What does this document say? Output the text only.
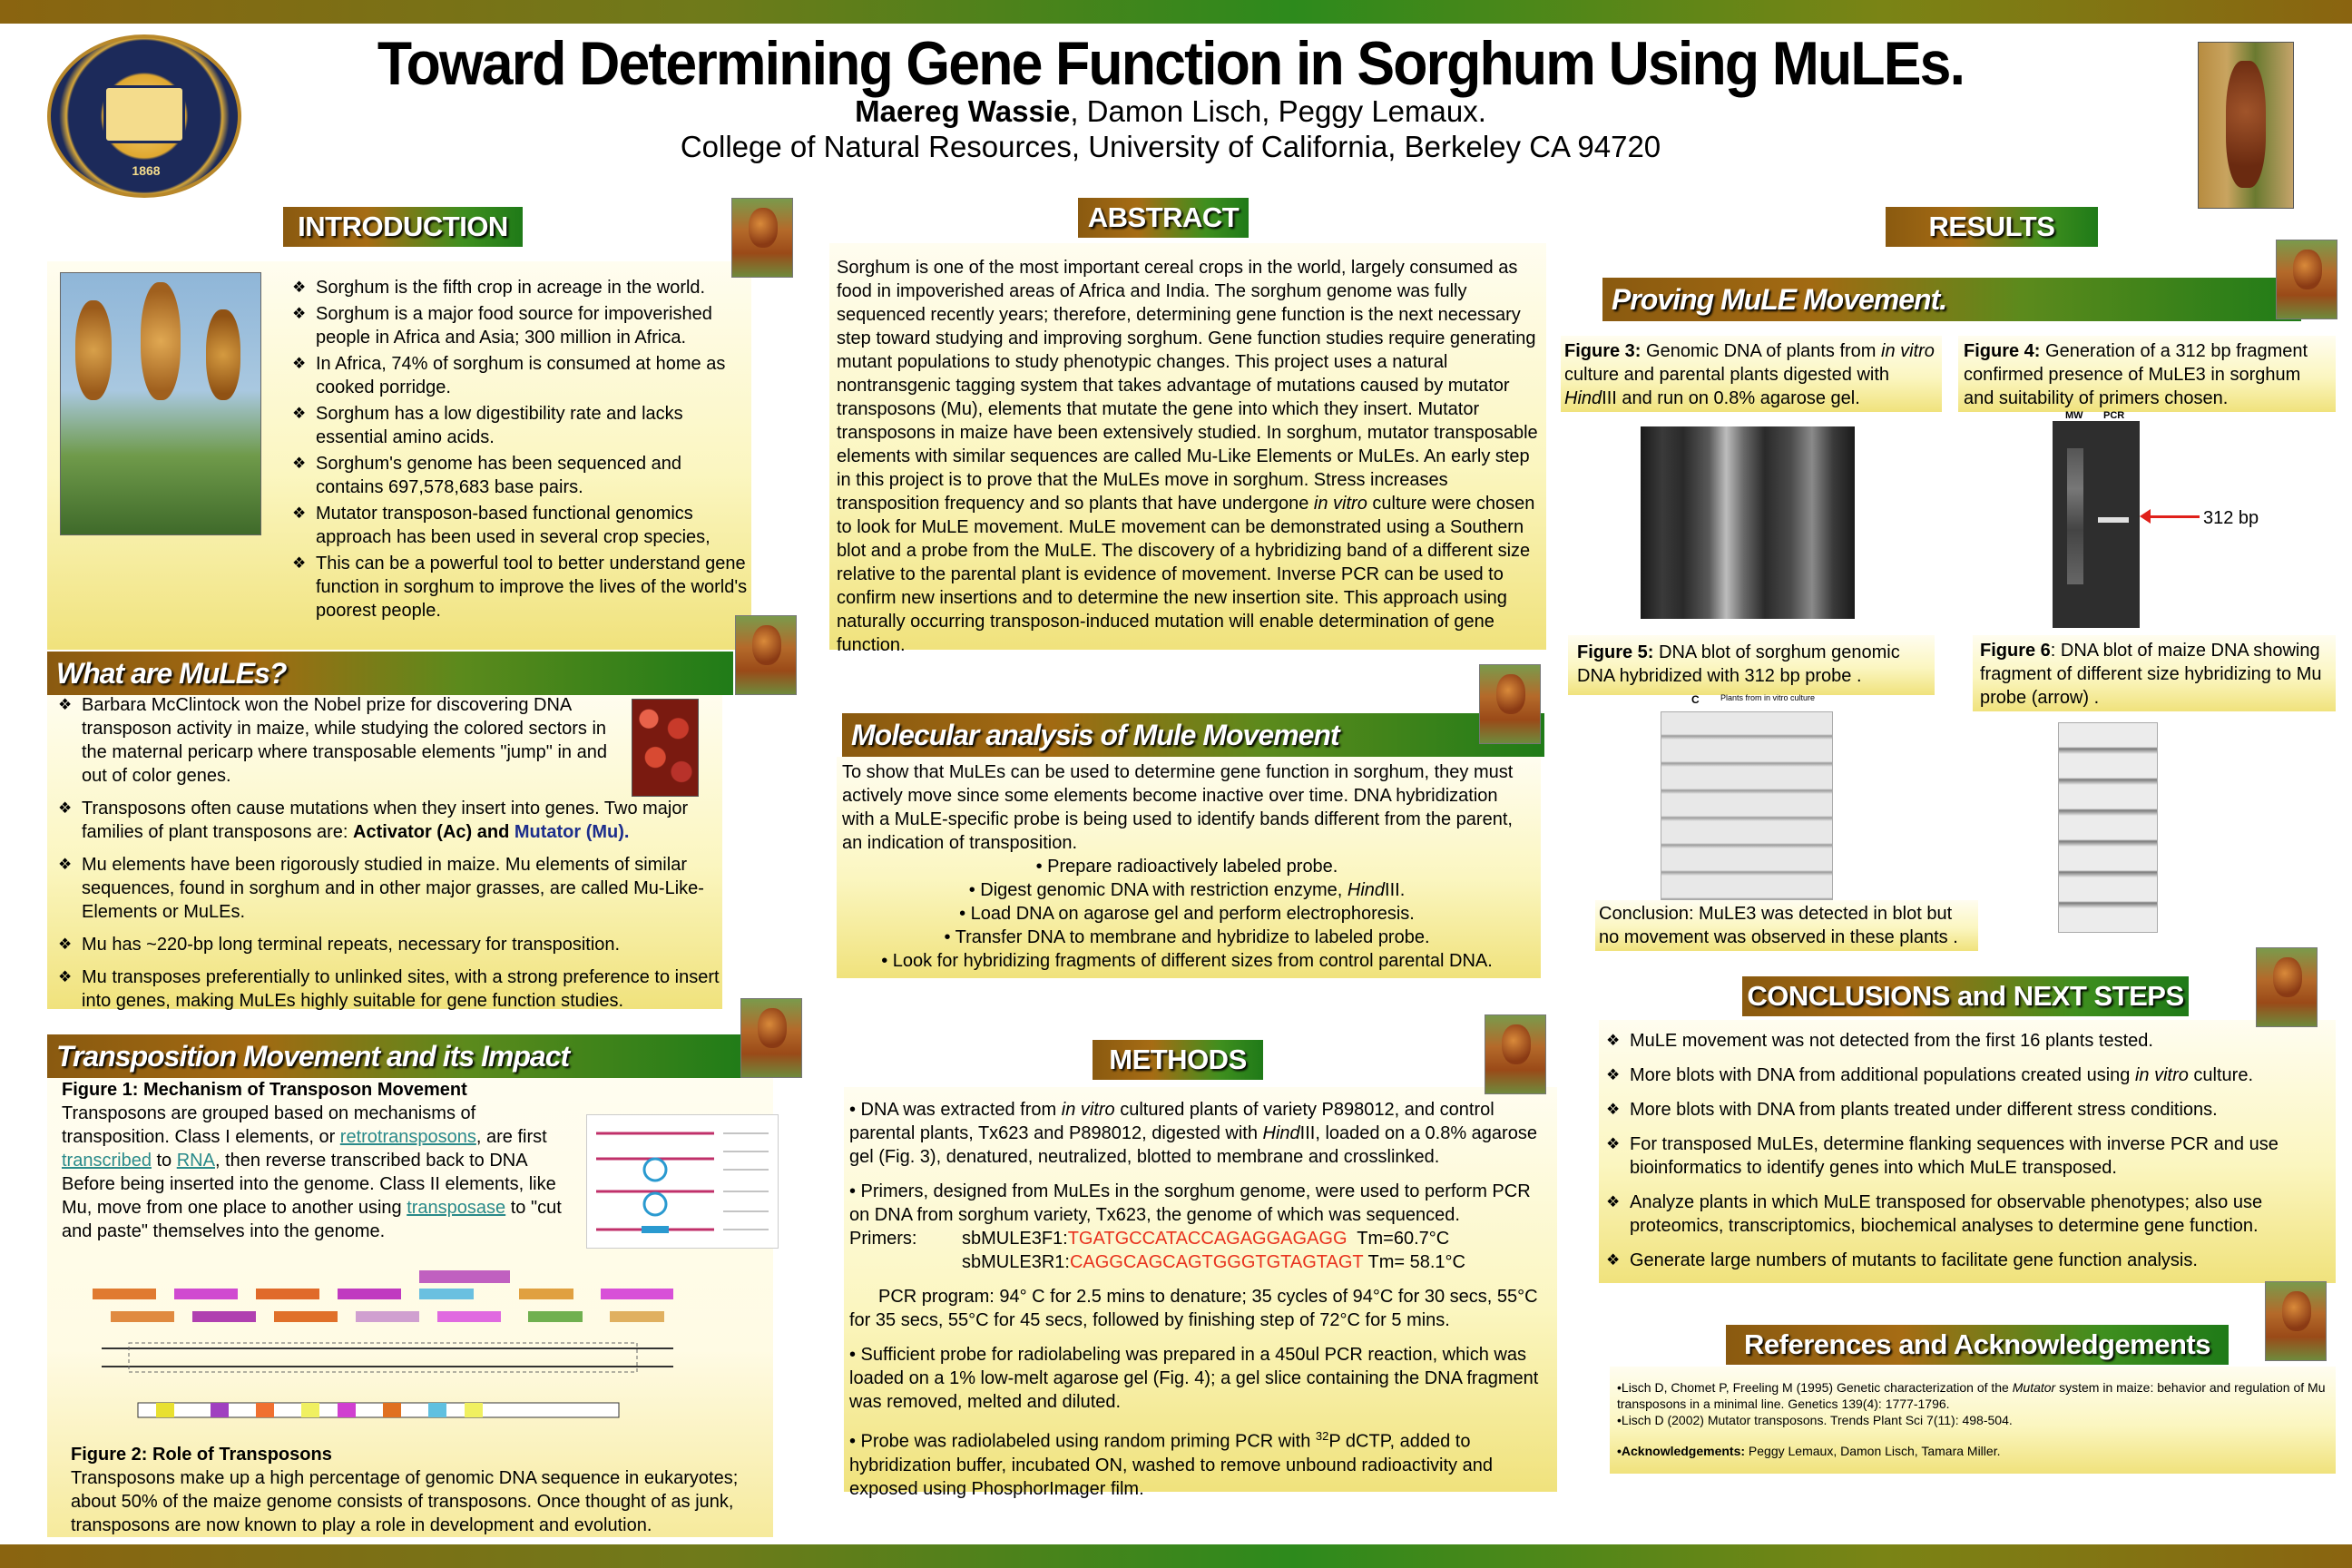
1868
Toward Determining Gene Function in Sorghum Using MuLEs.
Maereg Wassie, Damon Lisch, Peggy Lemaux.
College of Natural Resources, University of California, Berkeley CA 94720
INTRODUCTION
❖ Sorghum is the fifth crop in acreage in the world.
❖ Sorghum is a major food source for impoverished people in Africa and Asia; 300 million in Africa.
❖ In Africa, 74% of sorghum is consumed at home as cooked porridge.
❖ Sorghum has a low digestibility rate and lacks essential amino acids.
❖ Sorghum's genome has been sequenced and contains 697,578,683 base pairs.
❖ Mutator transposon-based functional genomics approach has been used in several crop species,
❖ This can be a powerful tool to better understand gene function in sorghum to improve the lives of the world's poorest people.
What are MuLEs?
❖ Barbara McClintock won the Nobel prize for discovering DNA transposon activity in maize, while studying the colored sectors in the maternal pericarp where transposable elements "jump" in and out of color genes.
❖ Transposons often cause mutations when they insert into genes. Two major families of plant transposons are: Activator (Ac) and Mutator (Mu).
❖ Mu elements have been rigorously studied in maize. Mu elements of similar sequences, found in sorghum and in other major grasses, are called Mu-Like-Elements or MuLEs.
❖ Mu has ~220-bp long terminal repeats, necessary for transposition.
❖ Mu transposes preferentially to unlinked sites, with a strong preference to insert into genes, making MuLEs highly suitable for gene function studies.
Transposition Movement and its Impact
Figure 1: Mechanism of Transposon Movement
Transposons are grouped based on mechanisms of transposition. Class I elements, or retrotransposons, are first transcribed to RNA, then reverse transcribed back to DNA Before being inserted into the genome. Class II elements, like Mu, move from one place to another using transposase to "cut and paste" themselves into the genome.
Figure 2: Role of Transposons
Transposons make up a high percentage of genomic DNA sequence in eukaryotes; about 50% of the maize genome consists of transposons. Once thought of as junk, transposons are now known to play a role in development and evolution.
ABSTRACT
Sorghum is one of the most important cereal crops in the world, largely consumed as food in impoverished areas of Africa and India. The sorghum genome was fully sequenced recently years; therefore, determining gene function is the next necessary step toward studying and improving sorghum. Gene function studies require generating mutant populations to study phenotypic changes. This project uses a natural nontransgenic tagging system that takes advantage of mutations caused by mutator transposons (Mu), elements that mutate the gene into which they insert. Mutator transposons in maize have been extensively studied. In sorghum, mutator transposable elements with similar sequences are called Mu-Like Elements or MuLEs. An early step in this project is to prove that the MuLEs move in sorghum. Stress increases transposition frequency and so plants that have undergone in vitro culture were chosen to look for MuLE movement. MuLE movement can be demonstrated using a Southern blot and a probe from the MuLE. The discovery of a hybridizing band of a different size relative to the parental plant is evidence of movement. Inverse PCR can be used to confirm new insertions and to determine the new insertion site. This approach using naturally occurring transposon-induced mutation will enable determination of gene function.
Molecular analysis of Mule Movement
To show that MuLEs can be used to determine gene function in sorghum, they must actively move since some elements become inactive over time. DNA hybridization with a MuLE-specific probe is being used to identify bands different from the parent, an indication of transposition.
• Prepare radioactively labeled probe.
• Digest genomic DNA with restriction enzyme, HindIII.
• Load DNA on agarose gel and perform electrophoresis.
• Transfer DNA to membrane and hybridize to labeled probe.
• Look for hybridizing fragments of different sizes from control parental DNA.
METHODS
• DNA was extracted from in vitro cultured plants of variety P898012, and control parental plants, Tx623 and P898012, digested with HindIII, loaded on a 0.8% agarose gel (Fig. 3), denatured, neutralized, blotted to membrane and crosslinked.
• Primers, designed from MuLEs in the sorghum genome, were used to perform PCR on DNA from sorghum variety, Tx623, the genome of which was sequenced.
Primers: sbMULE3F1:TGATGCCATACCAGAGGAGAGG  Tm=60.7°C
sbMULE3R1:CAGGCAGCAGTGGGTGTAGTAGT Tm= 58.1°C
PCR program: 94° C for 2.5 mins to denature; 35 cycles of 94°C for 30 secs, 55°C for 35 secs, 55°C for 45 secs, followed by finishing step of 72°C for 5 mins.
• Sufficient probe for radiolabeling was prepared in a 450ul PCR reaction, which was loaded on a 1% low-melt agarose gel (Fig. 4); a gel slice containing the DNA fragment was removed, melted and diluted.
• Probe was radiolabeled using random priming PCR with $^{32}$P dCTP, added to hybridization buffer, incubated ON, washed to remove unbound radioactivity and exposed using PhosphorImager film.
RESULTS
Proving MuLE Movement.
Figure 3: Genomic DNA of plants from in vitro culture and parental plants digested with HindIII and run on 0.8% agarose gel.
Figure 4: Generation of a 312 bp fragment confirmed presence of MuLE3 in sorghum and suitability of primers chosen.
MW PCR
312 bp
Figure 5: DNA blot of sorghum genomic DNA hybridized with 312 bp probe .
Figure 6: DNA blot of maize DNA showing fragment of different size hybridizing to Mu probe (arrow) .
C	Plants from in vitro culture
Conclusion: MuLE3 was detected in blot but no movement was observed in these plants .
CONCLUSIONS and NEXT STEPS
❖ MuLE movement was not detected from the first 16 plants tested.
❖ More blots with DNA from additional populations created using in vitro culture.
❖ More blots with DNA from plants treated under different stress conditions.
❖ For transposed MuLEs, determine flanking sequences with inverse PCR and use bioinformatics to identify genes into which MuLE transposed.
❖ Analyze plants in which MuLE transposed for observable phenotypes; also use proteomics, transcriptomics, biochemical analyses to determine gene function.
❖ Generate large numbers of mutants to facilitate gene function analysis.
References and Acknowledgements
•Lisch D, Chomet P, Freeling M (1995) Genetic characterization of the Mutator system in maize: behavior and regulation of Mu transposons in a minimal line. Genetics 139(4): 1777-1796.
•Lisch D (2002) Mutator transposons. Trends Plant Sci 7(11): 498-504.
•Acknowledgements: Peggy Lemaux, Damon Lisch, Tamara Miller.
